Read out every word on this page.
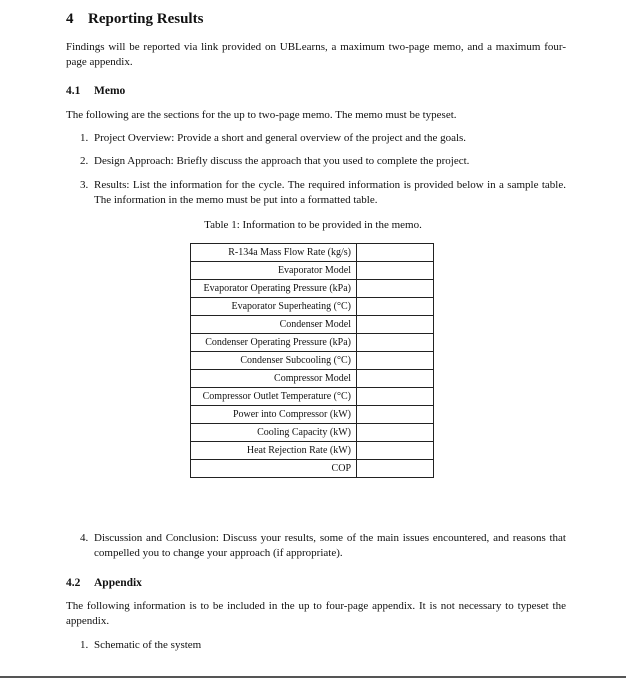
4 Reporting Results
Findings will be reported via link provided on UBLearns, a maximum two-page memo, and a maximum four-page appendix.
4.1 Memo
The following are the sections for the up to two-page memo. The memo must be typeset.
1. Project Overview: Provide a short and general overview of the project and the goals.
2. Design Approach: Briefly discuss the approach that you used to complete the project.
3. Results: List the information for the cycle. The required information is provided below in a sample table. The information in the memo must be put into a formatted table.
Table 1: Information to be provided in the memo.
R-134a Mass Flow Rate (kg/s)	
Evaporator Model	
Evaporator Operating Pressure (kPa)	
Evaporator Superheating (°C)	
Condenser Model	
Condenser Operating Pressure (kPa)	
Condenser Subcooling (°C)	
Compressor Model	
Compressor Outlet Temperature (°C)	
Power into Compressor (kW)	
Cooling Capacity (kW)	
Heat Rejection Rate (kW)	
COP	
4. Discussion and Conclusion: Discuss your results, some of the main issues encountered, and reasons that compelled you to change your approach (if appropriate).
4.2 Appendix
The following information is to be included in the up to four-page appendix. It is not necessary to typeset the appendix.
1. Schematic of the system
